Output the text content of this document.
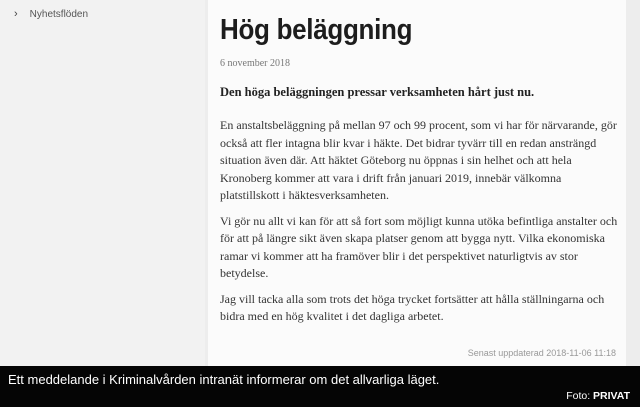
› Nyhetsflöden	Hög beläggning
6 november 2018
Den höga beläggningen pressar verksamheten hårt just nu.

En anstaltsbeläggning på mellan 97 och 99 procent, som vi har för närvarande, gör också att fler intagna blir kvar i häkte. Det bidrar tyvärr till en redan ansträngd situation även där. Att häktet Göteborg nu öppnas i sin helhet och att hela Kronoberg kommer att vara i drift från januari 2019, innebär välkomna platstillskott i häktesverksamheten.

Vi gör nu allt vi kan för att så fort som möjligt kunna utöka befintliga anstalter och för att på längre sikt även skapa platser genom att bygga nytt. Vilka ekonomiska ramar vi kommer att ha framöver blir i det perspektivet naturligtvis av stor betydelse.

Jag vill tacka alla som trots det höga trycket fortsätter att hålla ställningarna och bidra med en hög kvalitet i det dagliga arbetet.

Senast uppdaterad 2018-11-06 11:18
Ett meddelande i Kriminalvården intranät informerar om det allvarliga läget.
Foto: PRIVAT
